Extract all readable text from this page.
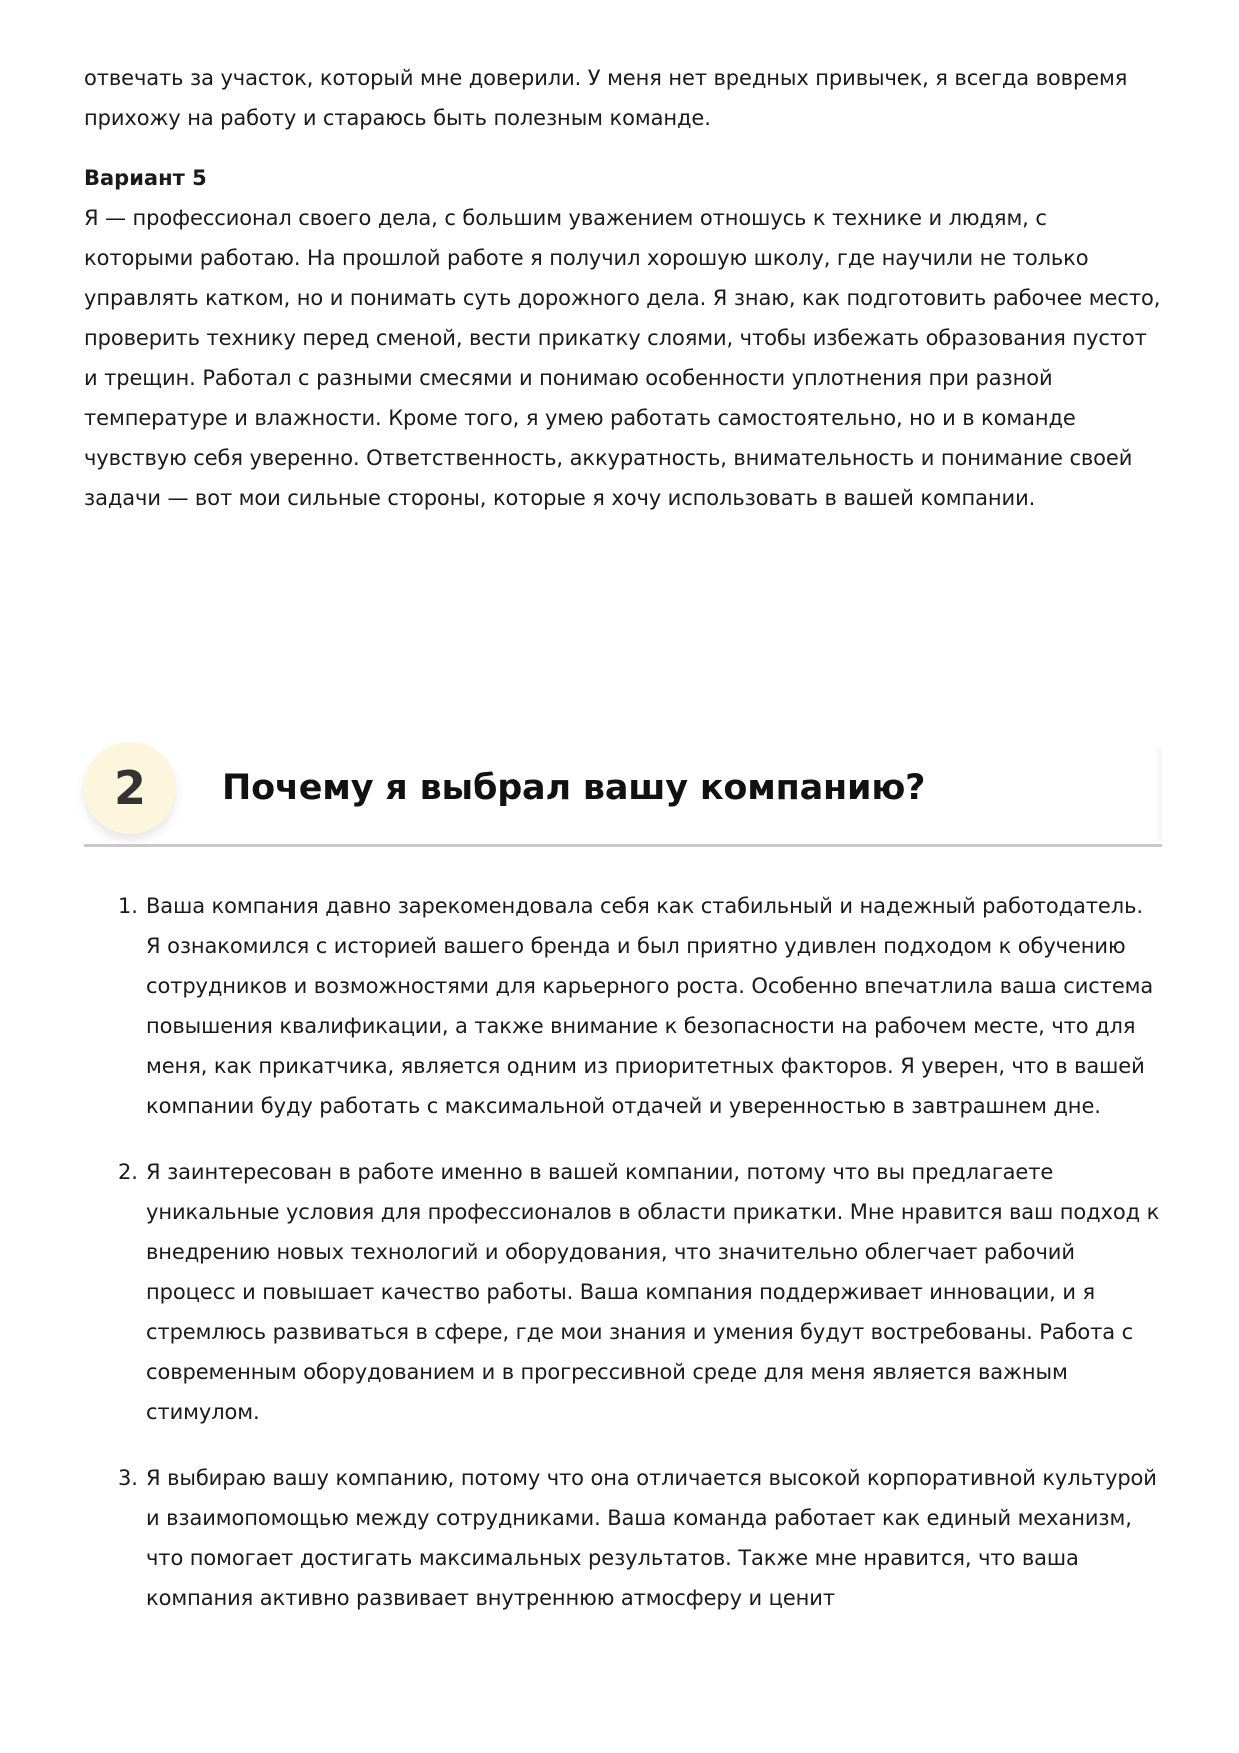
отвечать за участок, который мне доверили. У меня нет вредных привычек, я всегда вовремя прихожу на работу и стараюсь быть полезным команде.

Вариант 5

Я — профессионал своего дела, с большим уважением отношусь к технике и людям, с которыми работаю. На прошлой работе я получил хорошую школу, где научили не только управлять катком, но и понимать суть дорожного дела. Я знаю, как подготовить рабочее место, проверить технику перед сменой, вести прикатку слоями, чтобы избежать образования пустот и трещин. Работал с разными смесями и понимаю особенности уплотнения при разной температуре и влажности. Кроме того, я умею работать самостоятельно, но и в команде чувствую себя уверенно. Ответственность, аккуратность, внимательность и понимание своей задачи — вот мои сильные стороны, которые я хочу использовать в вашей компании.

2	Почему я выбрал вашу компанию?
1. Ваша компания давно зарекомендовала себя как стабильный и надежный работодатель. Я ознакомился с историей вашего бренда и был приятно удивлен подходом к обучению сотрудников и возможностями для карьерного роста. Особенно впечатлила ваша система повышения квалификации, а также внимание к безопасности на рабочем месте, что для меня, как прикатчика, является одним из приоритетных факторов. Я уверен, что в вашей компании буду работать с максимальной отдачей и уверенностью в завтрашнем дне.
2. Я заинтересован в работе именно в вашей компании, потому что вы предлагаете уникальные условия для профессионалов в области прикатки. Мне нравится ваш подход к внедрению новых технологий и оборудования, что значительно облегчает рабочий процесс и повышает качество работы. Ваша компания поддерживает инновации, и я стремлюсь развиваться в сфере, где мои знания и умения будут востребованы. Работа с современным оборудованием и в прогрессивной среде для меня является важным стимулом.
3. Я выбираю вашу компанию, потому что она отличается высокой корпоративной культурой и взаимопомощью между сотрудниками. Ваша команда работает как единый механизм, что помогает достигать максимальных результатов. Также мне нравится, что ваша компания активно развивает внутреннюю атмосферу и ценит
